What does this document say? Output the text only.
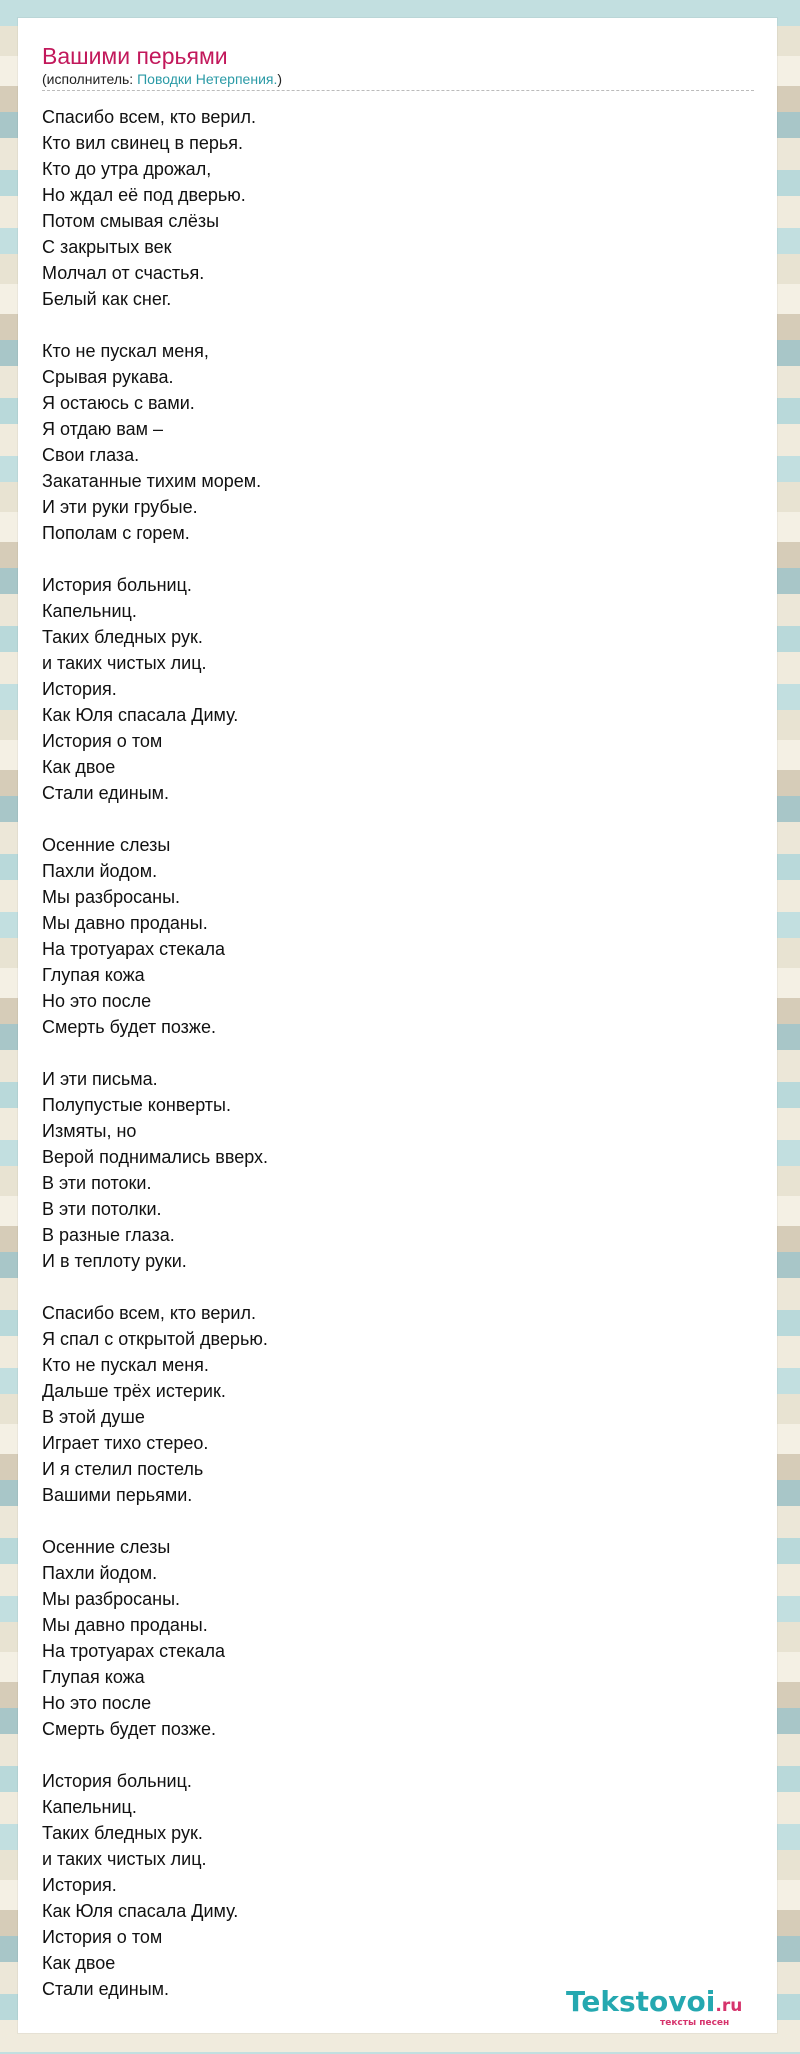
Вашими перьями
(исполнитель: Поводки Нетерпения.)
Спасибо всем, кто верил.
Кто вил свинец в перья.
Кто до утра дрожал,
Но ждал её под дверью.
Потом смывая слёзы
С закрытых век
Молчал от счастья.
Белый как снег.
Кто не пускал меня,
Срывая рукава.
Я остаюсь с вами.
Я отдаю вам –
Свои глаза.
Закатанные тихим морем.
И эти руки грубые.
Пополам с горем.
История больниц.
Капельниц.
Таких бледных рук.
и таких чистых лиц.
История.
Как Юля спасала Диму.
История о том
Как двое
Стали единым.
Осенние слезы
Пахли йодом.
Мы разбросаны.
Мы давно проданы.
На тротуарах стекала
Глупая кожа
Но это после
Смерть будет позже.
И эти письма.
Полупустые конверты.
Измяты, но
Верой поднимались вверх.
В эти потоки.
В эти потолки.
В разные глаза.
И в теплоту руки.
Спасибо всем, кто верил.
Я спал с открытой дверью.
Кто не пускал меня.
Дальше трёх истерик.
В этой душе
Играет тихо стерео.
И я стелил постель
Вашими перьями.
Осенние слезы
Пахли йодом.
Мы разбросаны.
Мы давно проданы.
На тротуарах стекала
Глупая кожа
Но это после
Смерть будет позже.
История больниц.
Капельниц.
Таких бледных рук.
и таких чистых лиц.
История.
Как Юля спасала Диму.
История о том
Как двое
Стали единым.	Tekstovoi.ru
тексты песен
